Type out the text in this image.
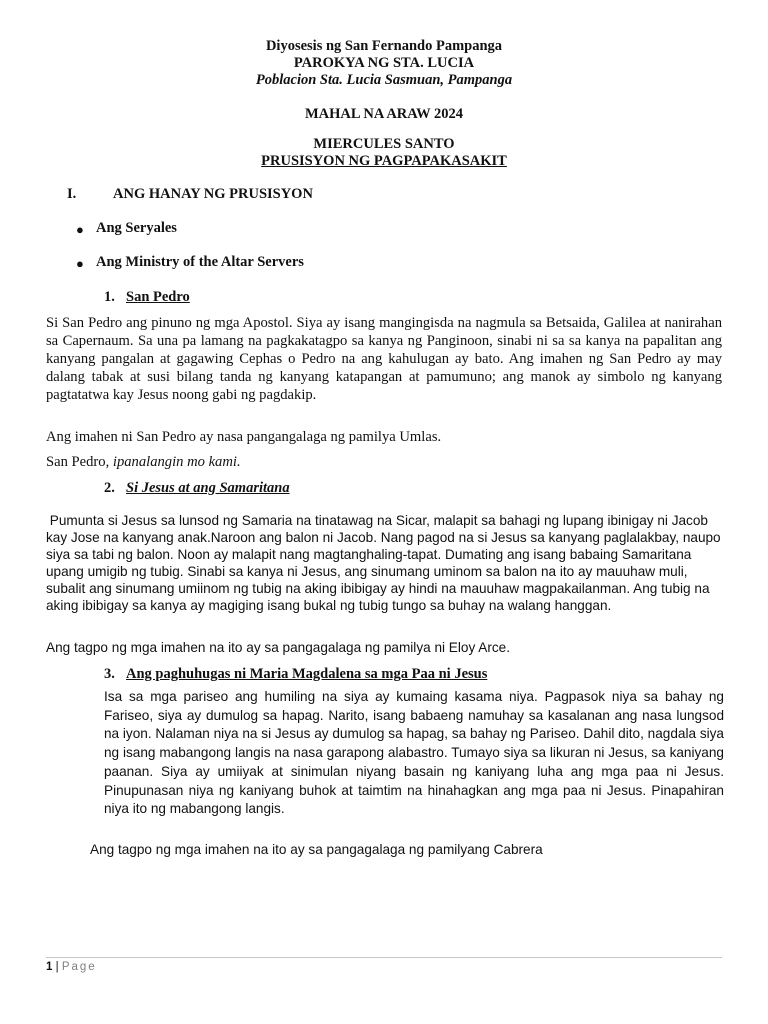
Diyosesis ng San Fernando Pampanga
PAROKYA NG STA. LUCIA
Poblacion Sta. Lucia Sasmuan, Pampanga
MAHAL NA ARAW 2024
MIERCULES SANTO
PRUSISYON NG PAGPAPAKASAKIT
I.	ANG HANAY NG PRUSISYON
● Ang Seryales
● Ang Ministry of the Altar Servers
1. San Pedro

Si San Pedro ang pinuno ng mga Apostol. Siya ay isang mangingisda na nagmula sa Betsaida, Galilea at nanirahan sa Capernaum. Sa una pa lamang na pagkakatagpo sa kanya ng Panginoon, sinabi ni sa sa kanya na papalitan ang kanyang pangalan at gagawing Cephas o Pedro na ang kahulugan ay bato. Ang imahen ng San Pedro ay may dalang tabak at susi bilang tanda ng kanyang katapangan at pamumuno; ang manok ay simbolo ng kanyang pagtatatwa kay Jesus noong gabi ng pagdakip.

Ang imahen ni San Pedro ay nasa pangangalaga ng pamilya Umlas.

San Pedro, ipanalangin mo kami.

2. Si Jesus at ang Samaritana

Pumunta si Jesus sa lunsod ng Samaria na tinatawag na Sicar, malapit sa bahagi ng lupang ibinigay ni Jacob kay Jose na kanyang anak.Naroon ang balon ni Jacob. Nang pagod na si Jesus sa kanyang paglalakbay, naupo siya sa tabi ng balon. Noon ay malapit nang magtanghaling-tapat. Dumating ang isang babaing Samaritana upang umigib ng tubig. Sinabi sa kanya ni Jesus, ang sinumang uminom sa balon na ito ay mauuhaw muli, subalit ang sinumang umiinom ng tubig na aking ibibigay ay hindi na mauuhaw magpakailanman. Ang tubig na aking ibibigay sa kanya ay magiging isang bukal ng tubig tungo sa buhay na walang hanggan.

Ang tagpo ng mga imahen na ito ay sa pangagalaga ng pamilya ni Eloy Arce.

3. Ang paghuhugas ni Maria Magdalena sa mga Paa ni Jesus

Isa sa mga pariseo ang humiling na siya ay kumaing kasama niya. Pagpasok niya sa bahay ng Fariseo, siya ay dumulog sa hapag. Narito, isang babaeng namuhay sa kasalanan ang nasa lungsod na iyon. Nalaman niya na si Jesus ay dumulog sa hapag, sa bahay ng Pariseo. Dahil dito, nagdala siya ng isang mabangong langis na nasa garapong alabastro. Tumayo siya sa likuran ni Jesus, sa kaniyang paanan. Siya ay umiiyak at sinimulan niyang basain ng kaniyang luha ang mga paa ni Jesus. Pinupunasan niya ng kaniyang buhok at taimtim na hinahagkan ang mga paa ni Jesus. Pinapahiran niya ito ng mabangong langis.

Ang tagpo ng mga imahen na ito ay sa pangagalaga ng pamilyang Cabrera

1 | Page
